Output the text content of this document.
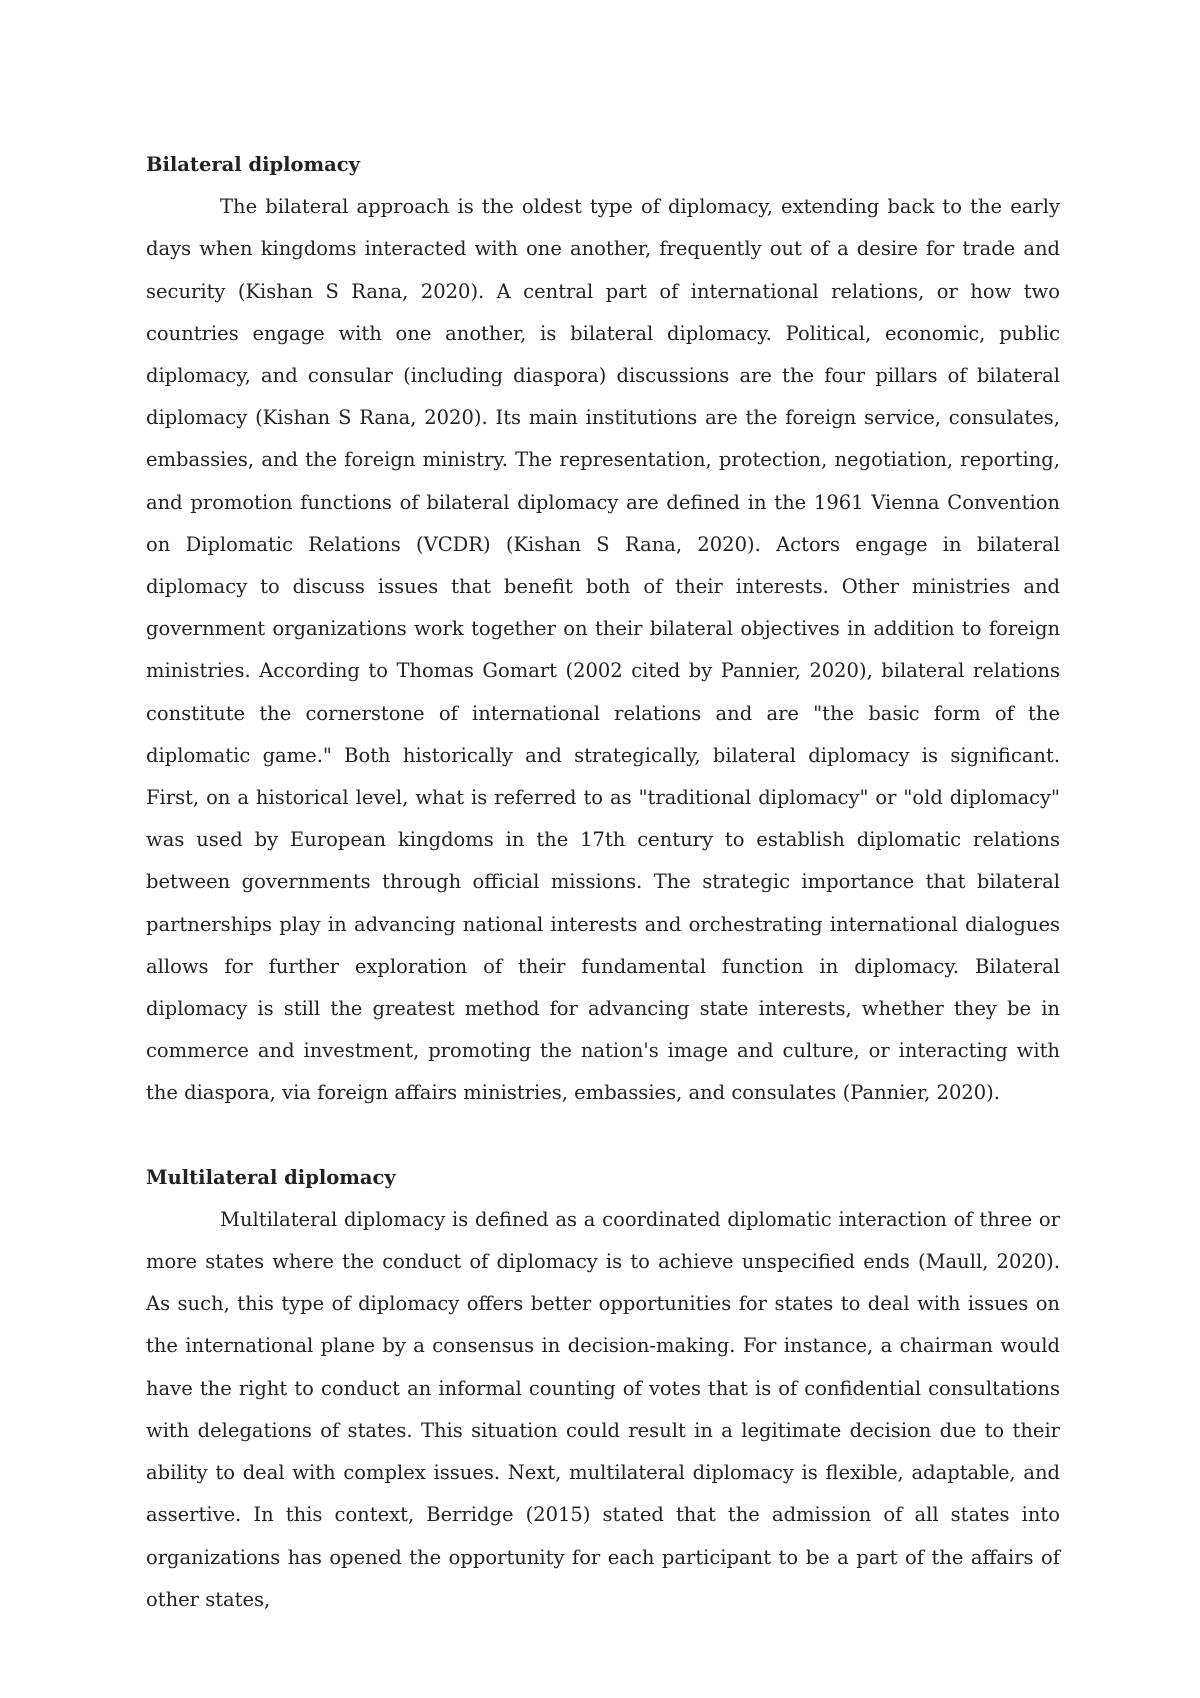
Bilateral diplomacy

The bilateral approach is the oldest type of diplomacy, extending back to the early days when kingdoms interacted with one another, frequently out of a desire for trade and security (Kishan S Rana, 2020). A central part of international relations, or how two countries engage with one another, is bilateral diplomacy. Political, economic, public diplomacy, and consular (including diaspora) discussions are the four pillars of bilateral diplomacy (Kishan S Rana, 2020). Its main institutions are the foreign service, consulates, embassies, and the foreign ministry. The representation, protection, negotiation, reporting, and promotion functions of bilateral diplomacy are defined in the 1961 Vienna Convention on Diplomatic Relations (VCDR) (Kishan S Rana, 2020). Actors engage in bilateral diplomacy to discuss issues that benefit both of their interests. Other ministries and government organizations work together on their bilateral objectives in addition to foreign ministries. According to Thomas Gomart (2002 cited by Pannier, 2020), bilateral relations constitute the cornerstone of international relations and are "the basic form of the diplomatic game." Both historically and strategically, bilateral diplomacy is significant. First, on a historical level, what is referred to as "traditional diplomacy" or "old diplomacy" was used by European kingdoms in the 17th century to establish diplomatic relations between governments through official missions. The strategic importance that bilateral partnerships play in advancing national interests and orchestrating international dialogues allows for further exploration of their fundamental function in diplomacy. Bilateral diplomacy is still the greatest method for advancing state interests, whether they be in commerce and investment, promoting the nation's image and culture, or interacting with the diaspora, via foreign affairs ministries, embassies, and consulates (Pannier, 2020).

Multilateral diplomacy

Multilateral diplomacy is defined as a coordinated diplomatic interaction of three or more states where the conduct of diplomacy is to achieve unspecified ends (Maull, 2020). As such, this type of diplomacy offers better opportunities for states to deal with issues on the international plane by a consensus in decision-making. For instance, a chairman would have the right to conduct an informal counting of votes that is of confidential consultations with delegations of states. This situation could result in a legitimate decision due to their ability to deal with complex issues. Next, multilateral diplomacy is flexible, adaptable, and assertive. In this context, Berridge (2015) stated that the admission of all states into organizations has opened the opportunity for each participant to be a part of the affairs of other states,
